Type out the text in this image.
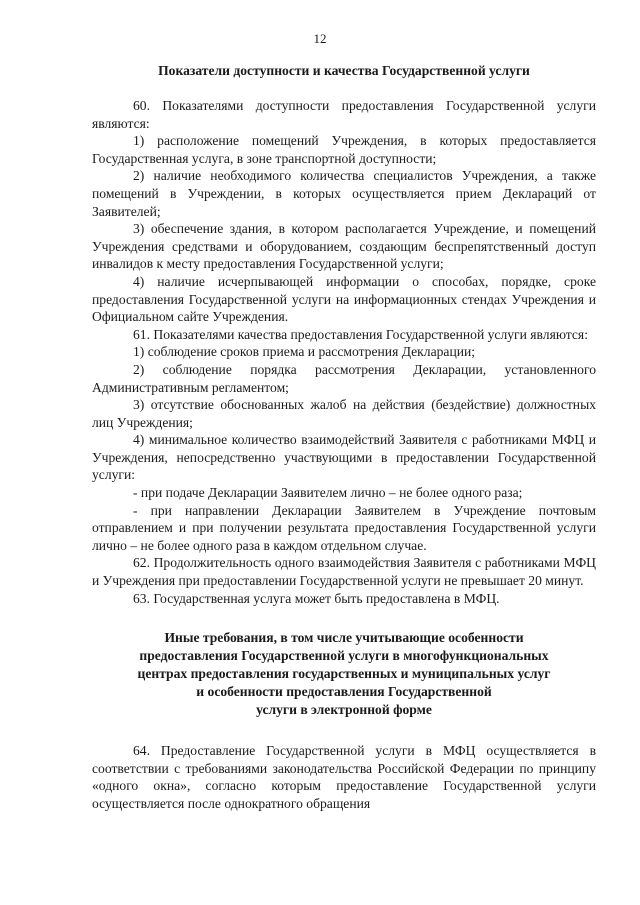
12
Показатели доступности и качества Государственной услуги

60. Показателями доступности предоставления Государственной услуги являются:

1) расположение помещений Учреждения, в которых предоставляется Государственная услуга, в зоне транспортной доступности;

2) наличие необходимого количества специалистов Учреждения, а также помещений в Учреждении, в которых осуществляется прием Деклараций от Заявителей;

3) обеспечение здания, в котором располагается Учреждение, и помещений Учреждения средствами и оборудованием, создающим беспрепятственный доступ инвалидов к месту предоставления Государственной услуги;

4) наличие исчерпывающей информации о способах, порядке, сроке предоставления Государственной услуги на информационных стендах Учреждения и Официальном сайте Учреждения.

61. Показателями качества предоставления Государственной услуги являются:

1) соблюдение сроков приема и рассмотрения Декларации;

2) соблюдение порядка рассмотрения Декларации, установленного Административным регламентом;

3) отсутствие обоснованных жалоб на действия (бездействие) должностных лиц Учреждения;

4) минимальное количество взаимодействий Заявителя с работниками МФЦ и Учреждения, непосредственно участвующими в предоставлении Государственной услуги:

- при подаче Декларации Заявителем лично – не более одного раза;

- при направлении Декларации Заявителем в Учреждение почтовым отправлением и при получении результата предоставления Государственной услуги лично – не более одного раза в каждом отдельном случае.

62. Продолжительность одного взаимодействия Заявителя с работниками МФЦ и Учреждения при предоставлении Государственной услуги не превышает 20 минут.

63. Государственная услуга может быть предоставлена в МФЦ.

Иные требования, в том числе учитывающие особенности
предоставления Государственной услуги в многофункциональных
центрах предоставления государственных и муниципальных услуг
и особенности предоставления Государственной
услуги в электронной форме

64. Предоставление Государственной услуги в МФЦ осуществляется в соответствии с требованиями законодательства Российской Федерации по принципу «одного окна», согласно которым предоставление Государственной услуги осуществляется после однократного обращения
